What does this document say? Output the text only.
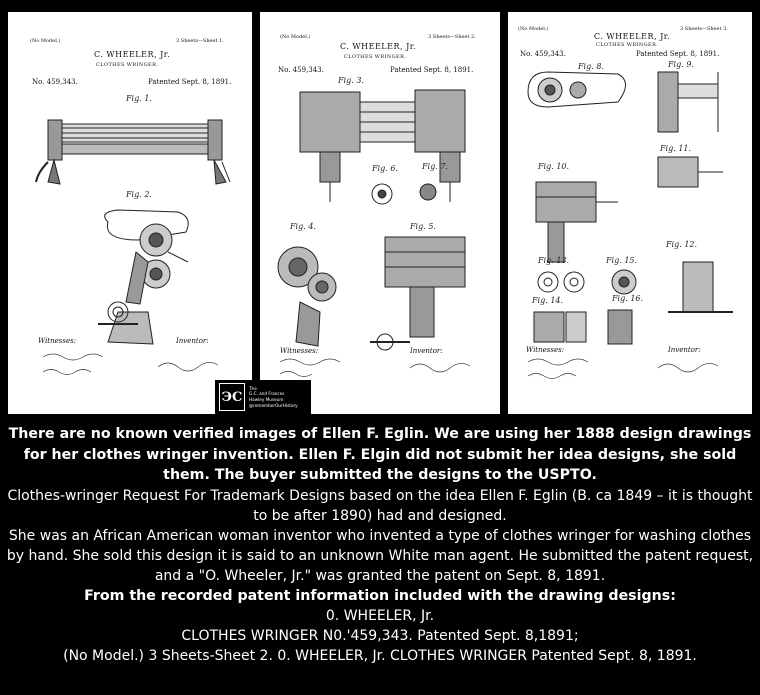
(No Model.)	3 Sheets—Sheet 1.
C. WHEELER, Jr.
CLOTHES WRINGER.
No. 459,343.	Patented Sept. 8, 1891.
Fig. 1.
Fig. 2.
Witnesses:	Inventor:
(No Model.)	3 Sheets—Sheet 2.
C. WHEELER, Jr.
CLOTHES WRINGER.
No. 459,343.	Patented Sept. 8, 1891.
Fig. 3.
Fig. 6.	Fig. 7.
Fig. 4.	Fig. 5.
Witnesses:	Inventor:
(No Model.)	3 Sheets—Sheet 3.
C. WHEELER, Jr.
CLOTHES WRINGER.
No. 459,343.	Patented Sept. 8, 1891.
Fig. 8.	Fig. 9.
Fig. 11.
Fig. 10.
Fig. 12.
Fig. 13.	Fig. 15.
Fig. 14.	Fig. 16.
Witnesses:	Inventor:
ЭC
The
G.C. and Frances
Hawley Museum
@rememberOurHistory

There are no known verified images of Ellen F. Eglin. We are using her 1888 design drawings for her clothes wringer invention. Ellen F. Elgin did not submit her idea designs, she sold them. The buyer submitted the designs to the USPTO.

Clothes-wringer Request For Trademark Designs based on the idea Ellen F. Eglin (B. ca 1849 – it is thought to be after 1890) had and designed.

She was an African American woman inventor who invented a type of clothes wringer for washing clothes by hand. She sold this design it is said to an unknown White man agent. He submitted the patent request, and a "O. Wheeler, Jr." was granted the patent on Sept. 8, 1891.

From the recorded patent information included with the drawing designs:

0. WHEELER, Jr.

CLOTHES WRINGER N0.'459,343. Patented Sept. 8,1891;

(No Model.) 3 Sheets-Sheet 2. 0. WHEELER, Jr. CLOTHES WRINGER Patented Sept. 8, 1891.
